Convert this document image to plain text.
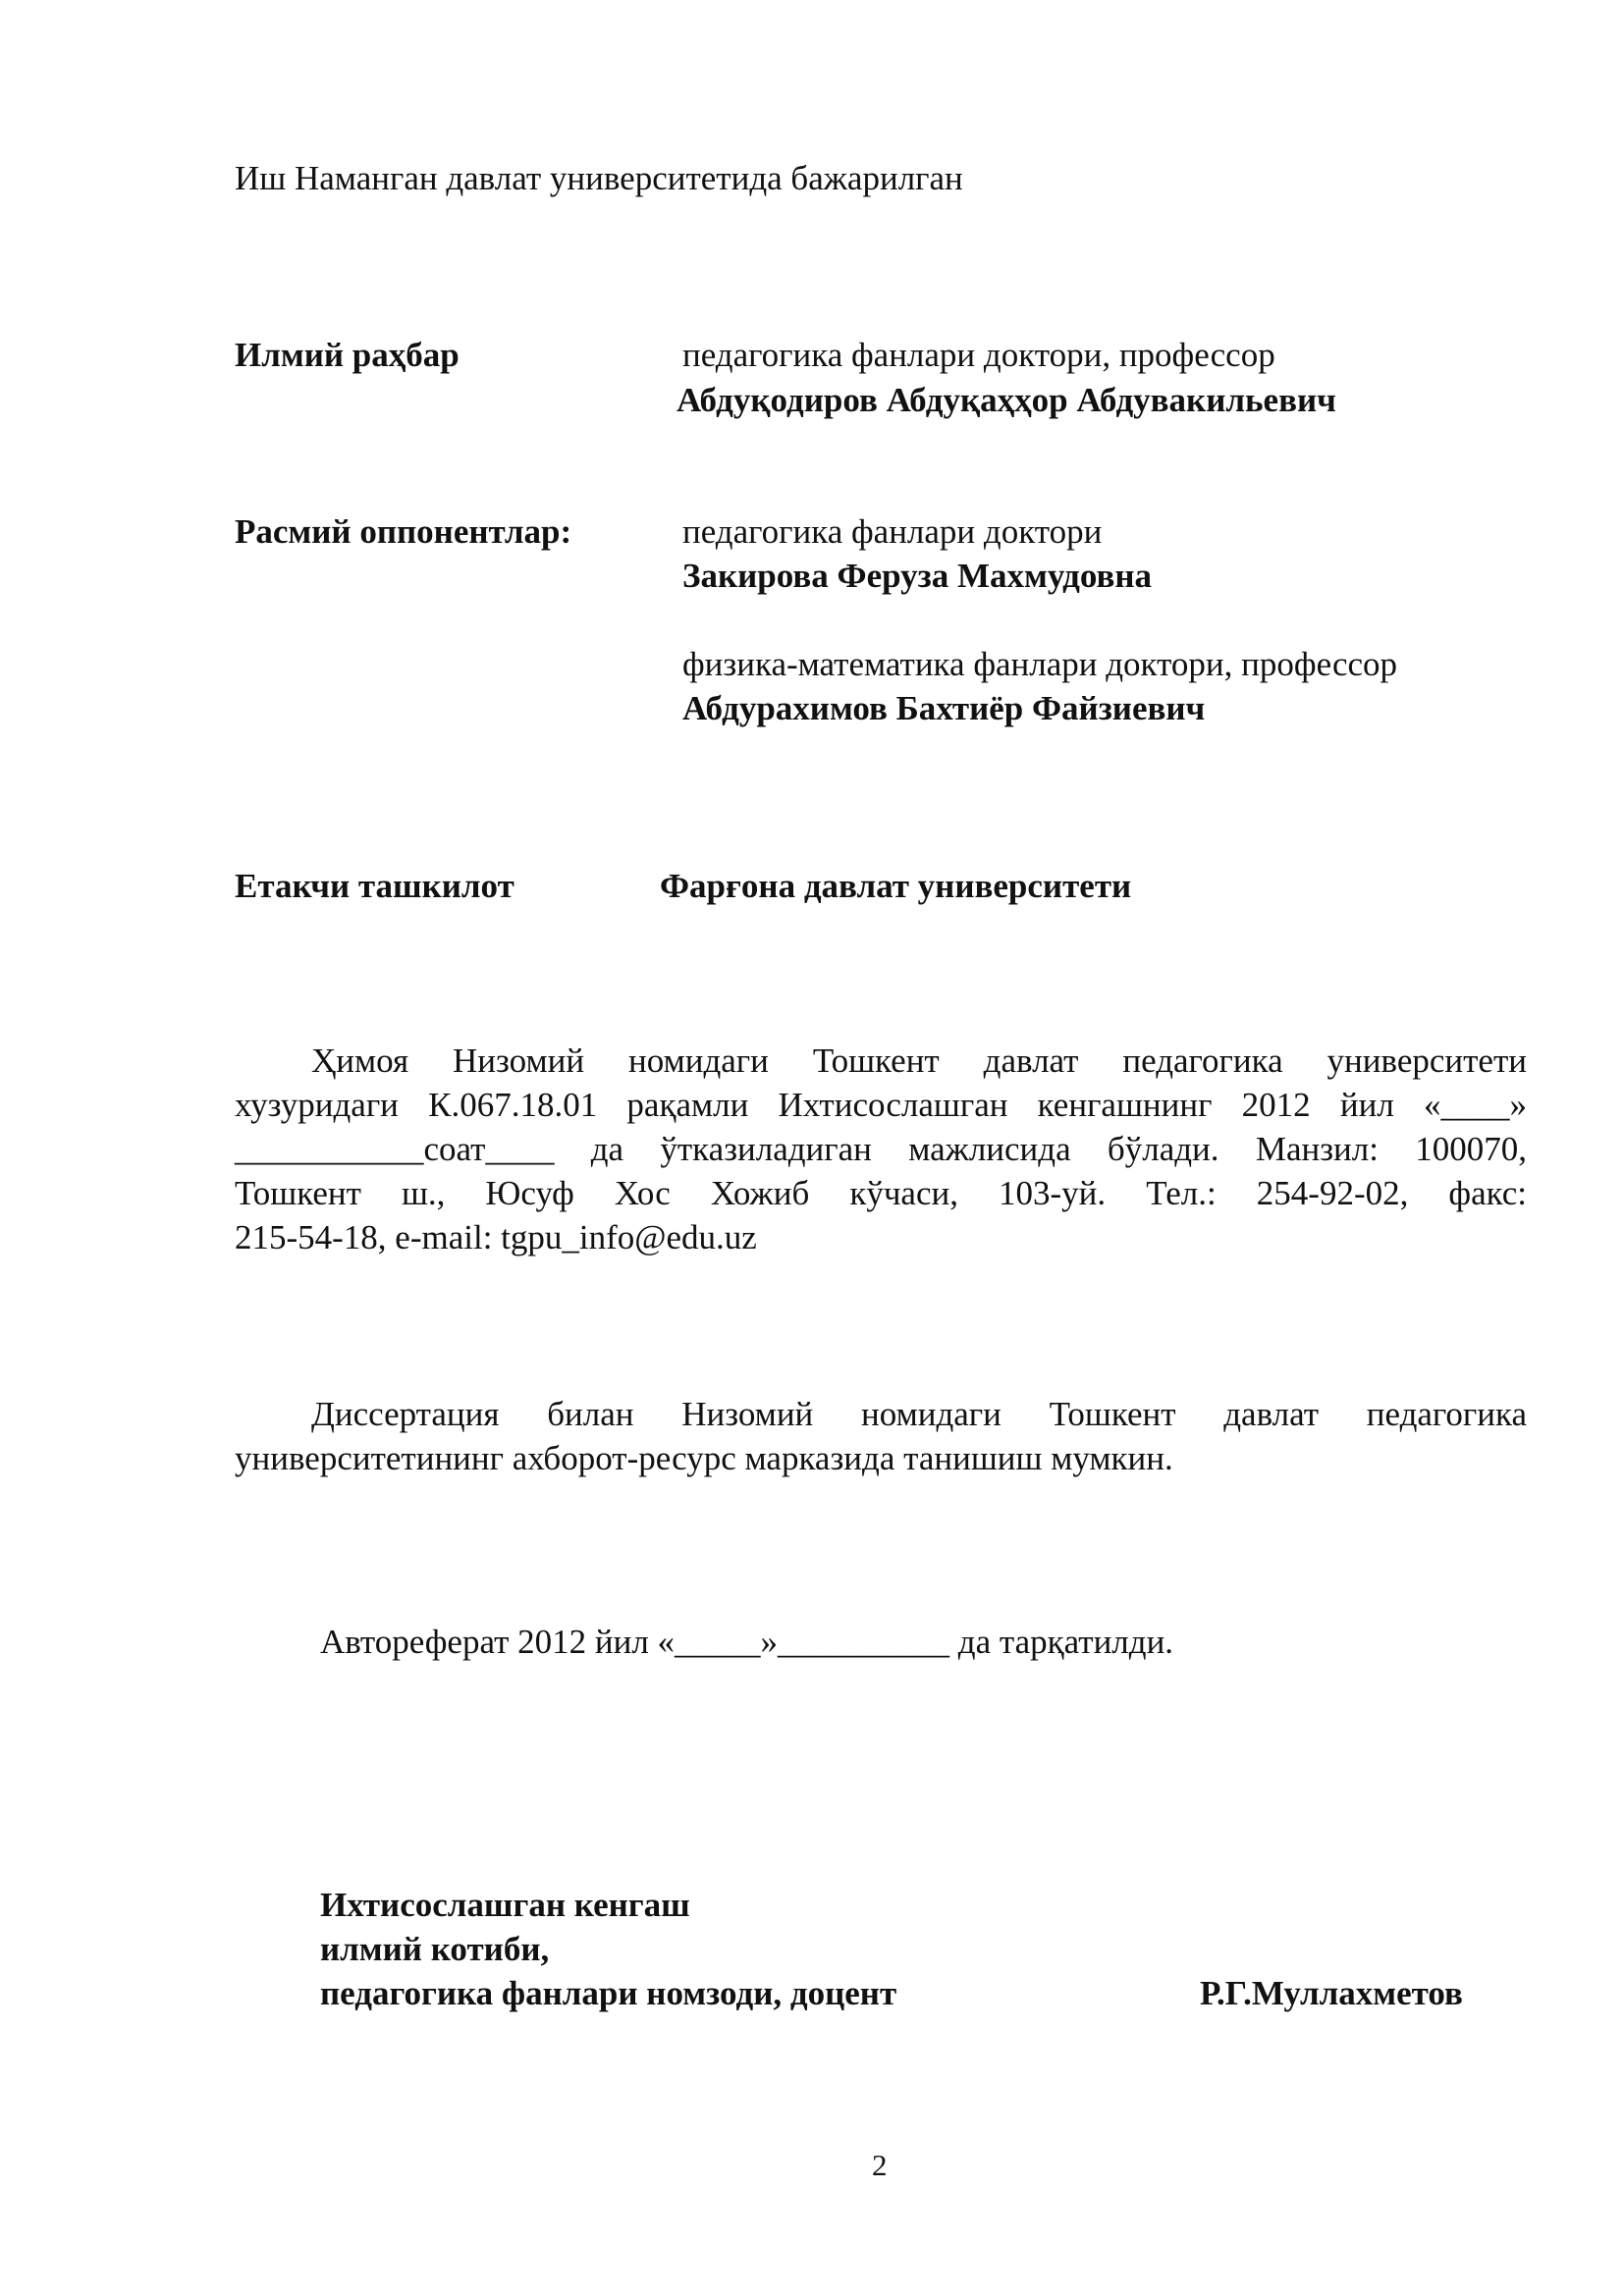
Иш Наманган давлат университетида бажарилган
Илмий раҳбар	педагогика фанлари доктори, профессор
Абдуқодиров Абдуқаҳҳор Абдувакильевич
Расмий оппонентлар:	педагогика фанлари доктори
Закирова Феруза Махмудовна
физика-математика фанлари доктори, профессор
Абдурахимов Бахтиёр Файзиевич
Етакчи ташкилот	Фарғона давлат университети
Ҳимоя Низомий номидаги Тошкент давлат педагогика университети
хузуридаги К.067.18.01 рақамли Ихтисослашган кенгашнинг 2012 йил «____»
___________соат____ да ўтказиладиган мажлисида бўлади. Манзил: 100070,
Тошкент ш., Юсуф Хос Хожиб кўчаси, 103-уй. Тел.: 254-92-02, факс:
215-54-18, e-mail: tgpu_info@edu.uz
Диссертация билан Низомий номидаги Тошкент давлат педагогика
университетининг ахборот-ресурс марказида танишиш мумкин.
Автореферат 2012 йил «_____»__________ да тарқатилди.
Ихтисослашган кенгаш
илмий котиби,
педагогика фанлари номзоди, доцент	Р.Г.Муллахметов
2
